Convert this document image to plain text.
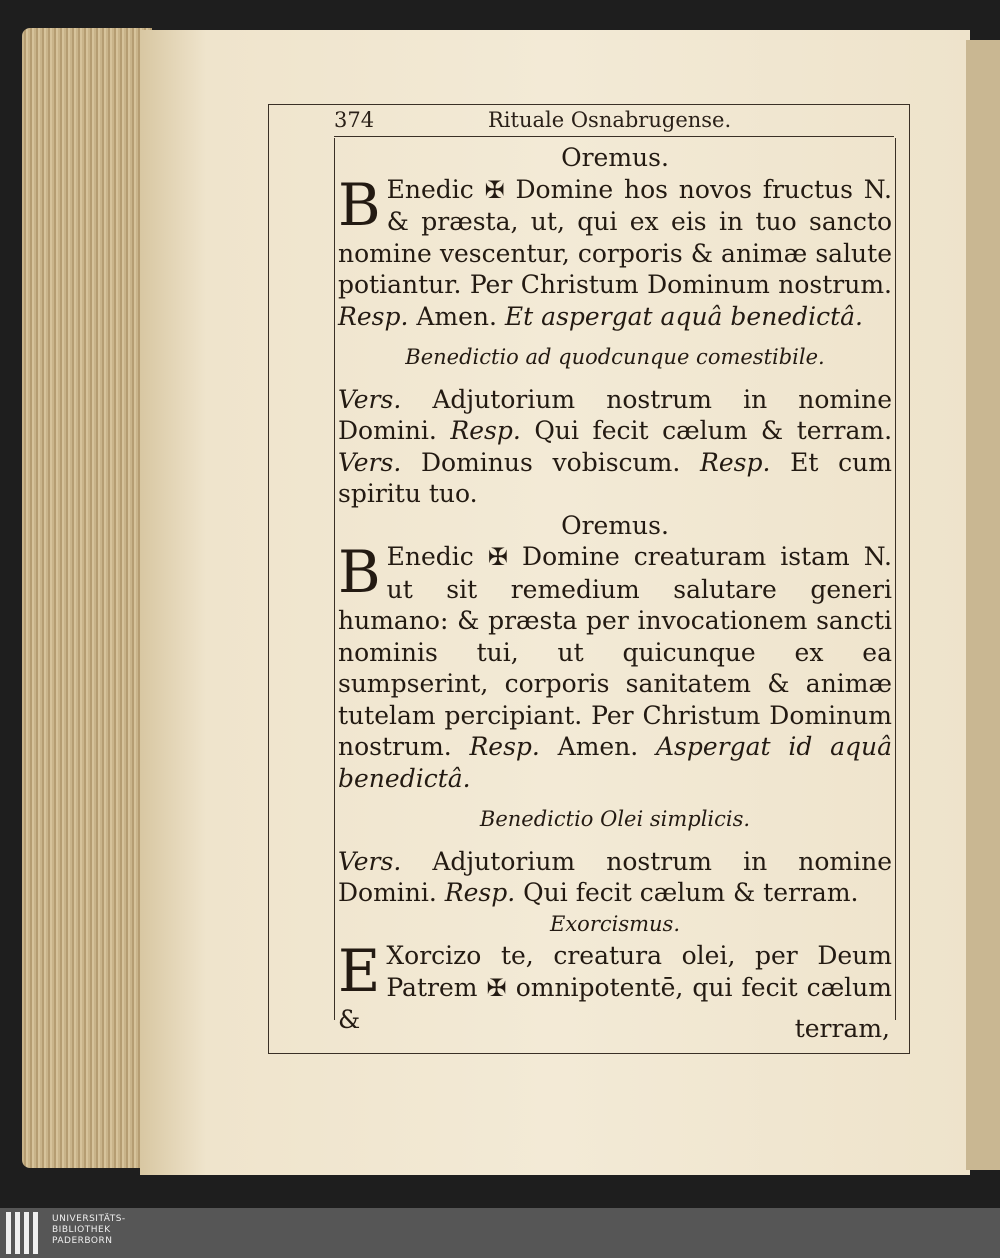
374	Rituale Osnabrugense.

Oremus.

B Enedic ✠ Domine hos novos fructus N. & præsta, ut, qui ex eis in tuo sancto nomine vescentur, corporis & animæ salute potiantur. Per Christum Dominum nostrum. Resp. Amen. Et aspergat aquâ benedictâ.

Benedictio ad quodcunque comestibile.

Vers. Adjutorium nostrum in nomine Domini. Resp. Qui fecit cælum & terram. Vers. Dominus vobiscum. Resp. Et cum spiritu tuo.

Oremus.

B Enedic ✠ Domine creaturam istam N. ut sit remedium salutare generi humano: & præsta per invocationem sancti nominis tui, ut quicunque ex ea sumpserint, corporis sanitatem & animæ tutelam percipiant. Per Christum Dominum nostrum. Resp. Amen. Aspergat id aquâ benedictâ.

Benedictio Olei simplicis.

Vers. Adjutorium nostrum in nomine Domini. Resp. Qui fecit cælum & terram.

Exorcismus.

E Xorcizo te, creatura olei, per Deum Patrem ✠ omnipotentē, qui fecit cælum &	terram,
UNIVERSITÄTS-
BIBLIOTHEK
PADERBORN
